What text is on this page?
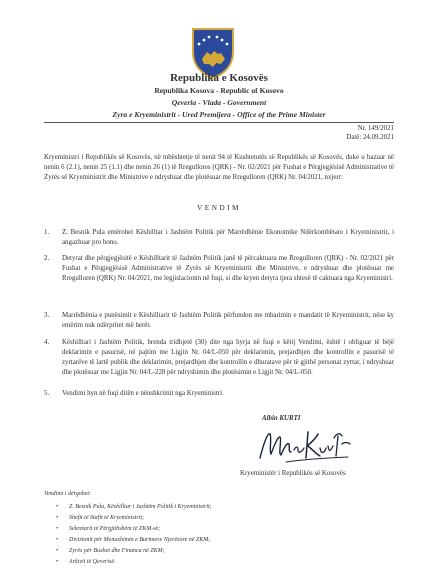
Republika e Kosovës
Republika Kosova - Republic of Kosovo
Qeveria - Vlada - Government
Zyra e Kryeministrit - Ured Premijera - Office of the Prime Minister
Nr. 149/2021
Datë: 24.09.2021
Kryeministri i Republikës së Kosovës, në mbështetje të nenit 94 të Kushtetutës së Republikës së Kosovës, duke u bazuar në nenin 6 (2.1), nenin 25 (1.1) dhe nenin 26 (1) të Rregullores (QRK) - Nr. 02/2021 për Fushat e Përgjegjësisë Administrative të Zyrës së Kryeministrit dhe Ministrive e ndryshuar dhe plotësuar me Rregulloren (QRK) Nr. 04/2021, nxjerr:
VENDIM
1. Z. Besnik Pula emërohet Këshilltar i Jashtëm Politik për Marrëdhënie Ekonomike Ndërkombëtare i Kryeministrit, i angazhuar pro bono.
2. Detyrat dhe përgjegjësitë e Këshilltarit të Jashtëm Politik janë të përcaktuara me Rregulloren (QRK) - Nr. 02/2021 për Fushat e Përgjegjësisë Administrative të Zyrës së Kryeministrit dhe Ministrive, e ndryshuar dhe plotësuar me Rregulloren (QRK) Nr. 04/2021, me legjislacionin në fuqi, si dhe kryen detyra tjera shtesë të caktuara nga Kryeministri.
3. Marrëdhënia e punësimit e Këshilltarit të Jashtëm Politik përfundon me mbarimin e mandatit të Kryeministrit, nëse ky emërim nuk ndërpritet më herët.
4. Këshilltari i Jashtëm Politik, brenda tridhjetë (30) dite nga hyrja në fuqi e këtij Vendimi, është i obliguar të bëjë deklarimin e pasurisë, në pajtim me Ligjin Nr. 04/L-050 për deklarimin, prejardhjen dhe kontrollin e pasurisë të zyrtarëve të lartë publik dhe deklarimin, prejardhjen dhe kontrollin e dhuratave për të gjithë personat zyrtar, i ndryshuar dhe plotësuar me Ligjin Nr. 04/L-228 për ndryshimin dhe plotësimin e Ligjit Nr. 04/L-050.
5. Vendimi hyn në fuqi ditën e nënshkrimit nga Kryeministri.
Albin KURTI
Kryeministër i Republikës së Kosovës
Vendimi i dërgohet:
• Z. Besnik Pula, Këshilltar i Jashtëm Politik i Kryeministrit;
• Shefit të Stafit të Kryeministrit;
• Sekretarit të Përgjithshëm të ZKM-së;
• Divizionit për Menaxhimin e Burimeve Njerëzore në ZKM;
• Zyrës për Buxhet dhe Financa në ZKM;
• Arkivit të Qeverisë.
